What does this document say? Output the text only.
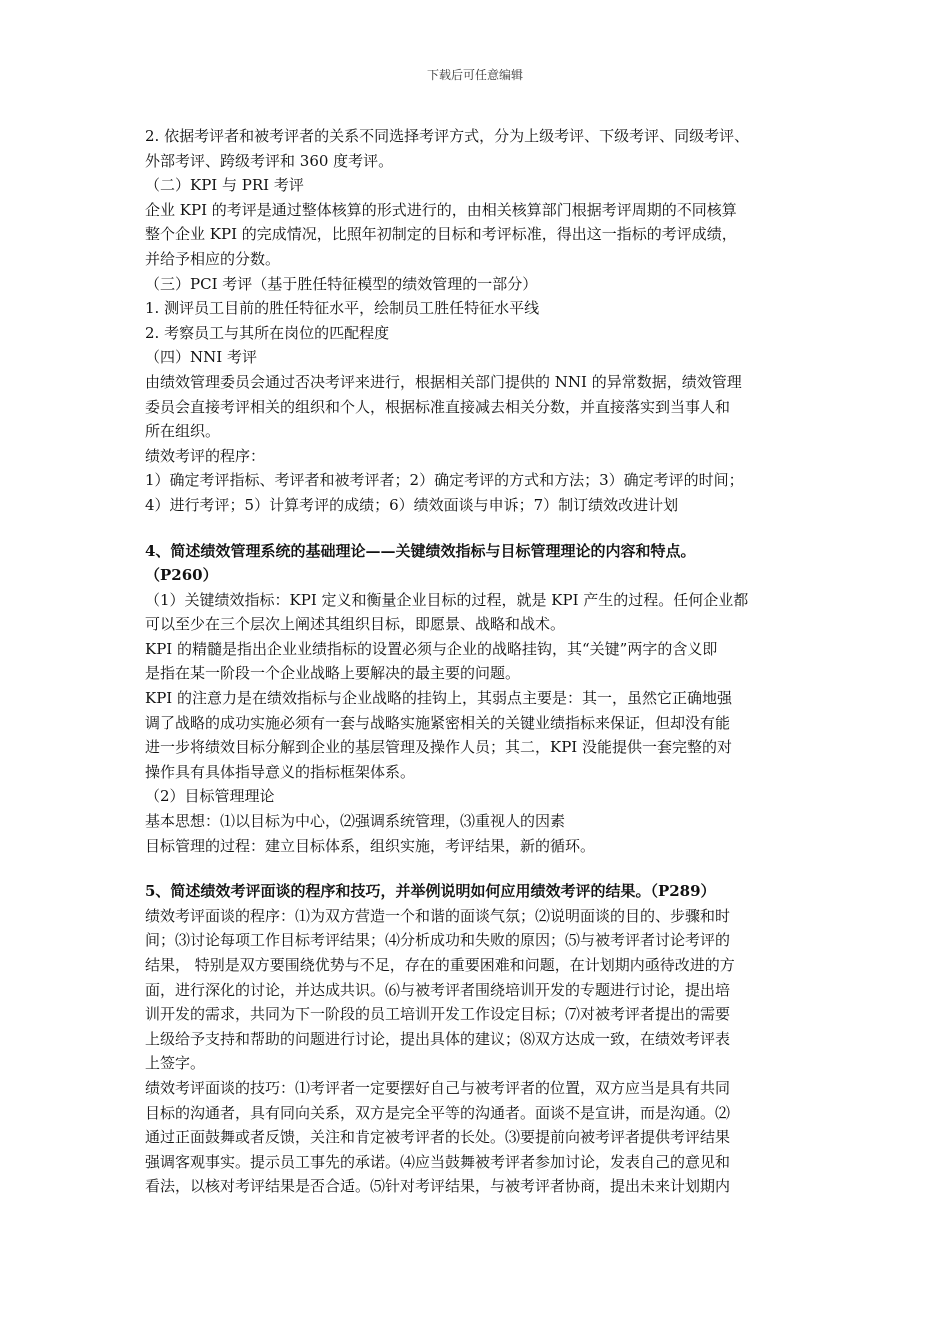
下载后可任意编辑

2. 依据考评者和被考评者的关系不同选择考评方式，分为上级考评、下级考评、同级考评、

外部考评、跨级考评和 360 度考评。

（二）KPI 与 PRI 考评

企业 KPI 的考评是通过整体核算的形式进行的，由相关核算部门根据考评周期的不同核算

整个企业 KPI 的完成情况，比照年初制定的目标和考评标准，得出这一指标的考评成绩，

并给予相应的分数。

（三）PCI 考评（基于胜任特征模型的绩效管理的一部分）

1. 测评员工目前的胜任特征水平，绘制员工胜任特征水平线

2. 考察员工与其所在岗位的匹配程度

（四）NNI 考评

由绩效管理委员会通过否决考评来进行，根据相关部门提供的 NNI 的异常数据，绩效管理

委员会直接考评相关的组织和个人，根据标准直接减去相关分数，并直接落实到当事人和

所在组织。

绩效考评的程序：

1）确定考评指标、考评者和被考评者；2）确定考评的方式和方法；3）确定考评的时间；

4）进行考评；5）计算考评的成绩；6）绩效面谈与申诉；7）制订绩效改进计划

4、简述绩效管理系统的基础理论——关键绩效指标与目标管理理论的内容和特点。

（P260）

（1）关键绩效指标：KPI 定义和衡量企业目标的过程，就是 KPI 产生的过程。任何企业都

可以至少在三个层次上阐述其组织目标，即愿景、战略和战术。

KPI 的精髓是指出企业业绩指标的设置必须与企业的战略挂钩，其“关键”两字的含义即

是指在某一阶段一个企业战略上要解决的最主要的问题。

KPI 的注意力是在绩效指标与企业战略的挂钩上，其弱点主要是：其一，虽然它正确地强

调了战略的成功实施必须有一套与战略实施紧密相关的关键业绩指标来保证，但却没有能

进一步将绩效目标分解到企业的基层管理及操作人员；其二，KPI 没能提供一套完整的对

操作具有具体指导意义的指标框架体系。

（2）目标管理理论

基本思想：⑴以目标为中心，⑵强调系统管理，⑶重视人的因素

目标管理的过程：建立目标体系，组织实施，考评结果，新的循环。

5、简述绩效考评面谈的程序和技巧，并举例说明如何应用绩效考评的结果。（P289）

绩效考评面谈的程序：⑴为双方营造一个和谐的面谈气氛；⑵说明面谈的目的、步骤和时

间；⑶讨论每项工作目标考评结果；⑷分析成功和失败的原因；⑸与被考评者讨论考评的

结果， 特别是双方要围绕优势与不足，存在的重要困难和问题，在计划期内亟待改进的方

面，进行深化的讨论，并达成共识。⑹与被考评者围绕培训开发的专题进行讨论，提出培

训开发的需求，共同为下一阶段的员工培训开发工作设定目标；⑺对被考评者提出的需要

上级给予支持和帮助的问题进行讨论，提出具体的建议；⑻双方达成一致，在绩效考评表

上签字。

绩效考评面谈的技巧：⑴考评者一定要摆好自己与被考评者的位置，双方应当是具有共同

目标的沟通者，具有同向关系，双方是完全平等的沟通者。面谈不是宣讲，而是沟通。⑵

通过正面鼓舞或者反馈，关注和肯定被考评者的长处。⑶要提前向被考评者提供考评结果

强调客观事实。提示员工事先的承诺。⑷应当鼓舞被考评者参加讨论，发表自己的意见和

看法，以核对考评结果是否合适。⑸针对考评结果，与被考评者协商，提出未来计划期内
